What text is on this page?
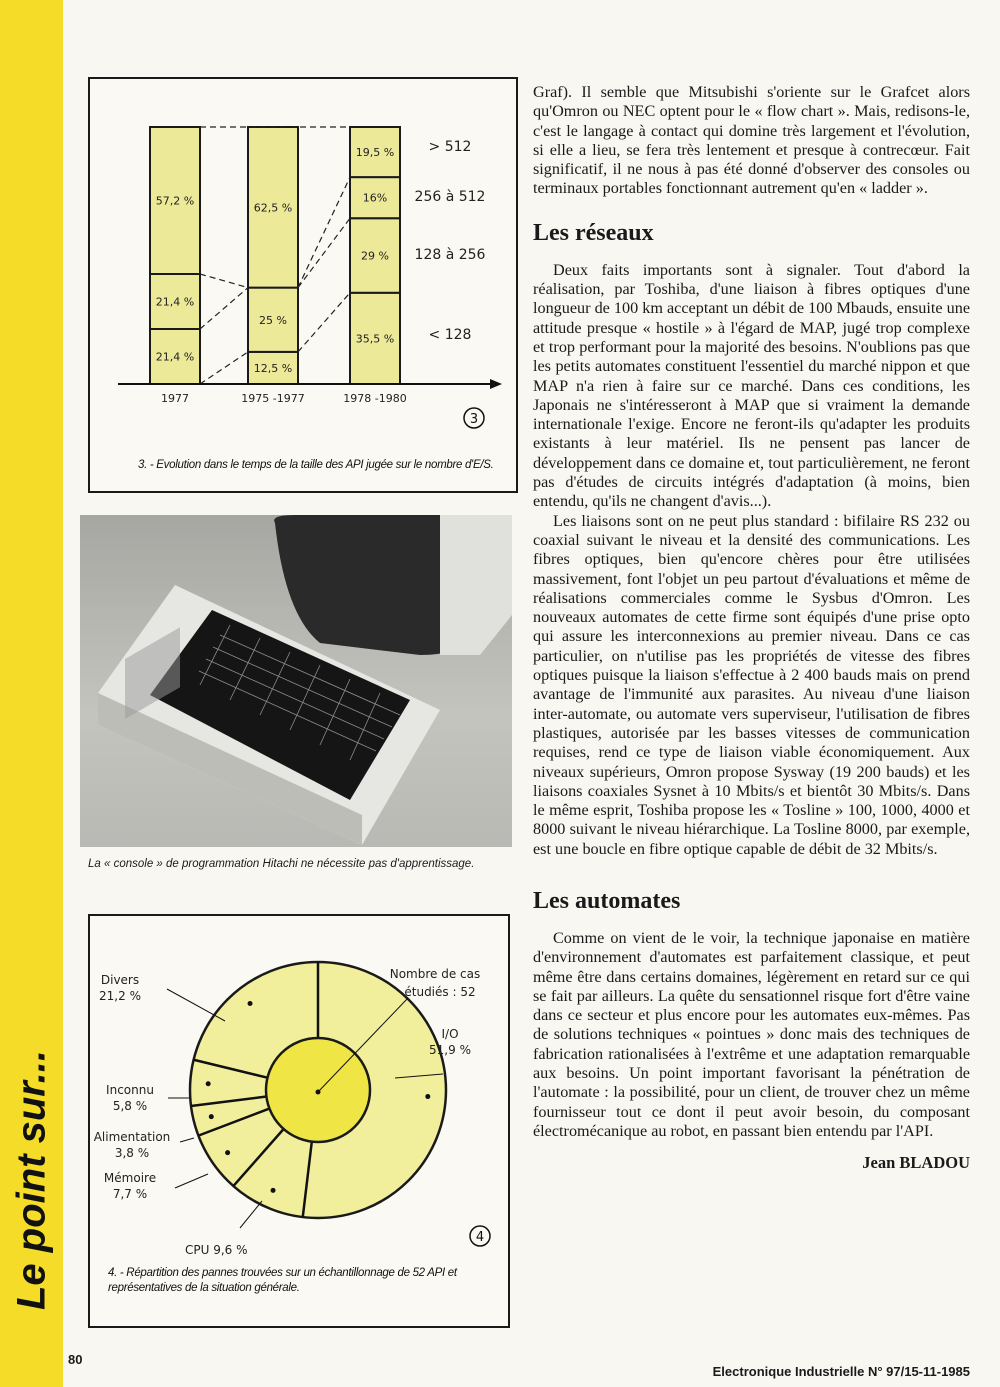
Le point sur...
21,4 %
21,4 %
57,2 %
1977
12,5 %
25 %
62,5 %
1975 -1977
35,5 %
29 %
16%
19,5 %
1978 -1980
> 512
256 à 512
128 à 256
< 128
3
3. - Evolution dans le temps de la taille des API jugée sur le nombre d'E/S.
La « console » de programmation Hitachi ne nécessite pas d'apprentissage.
I/O
51,9 %
CPU 9,6 %
Mémoire
7,7 %
Alimentation
3,8 %
Inconnu
5,8 %
Divers
21,2 %
Nombre de cas
étudiés : 52
4
4. - Répartition des pannes trouvées sur un échantillonnage de 52 API et représentatives de la situation générale.

Graf). Il semble que Mitsubishi s'oriente sur le Grafcet alors qu'Omron ou NEC optent pour le « flow chart ». Mais, redisons-le, c'est le langage à contact qui domine très largement et l'évolution, si elle a lieu, se fera très lentement et presque à contrecœur. Fait significatif, il ne nous à pas été donné d'observer des consoles ou terminaux portables fonctionnant autrement qu'en « ladder ».

Les réseaux

Deux faits importants sont à signaler. Tout d'abord la réalisation, par Toshiba, d'une liaison à fibres optiques d'une longueur de 100 km acceptant un débit de 100 Mbauds, ensuite une attitude presque « hostile » à l'égard de MAP, jugé trop complexe et trop performant pour la majorité des besoins. N'oublions pas que les petits automates constituent l'essentiel du marché nippon et que MAP n'a rien à faire sur ce marché. Dans ces conditions, les Japonais ne s'intéresseront à MAP que si vraiment la demande internationale l'exige. Encore ne feront-ils qu'adapter les produits existants à leur matériel. Ils ne pensent pas lancer de développement dans ce domaine et, tout particulièrement, ne feront pas d'études de circuits intégrés d'adaptation (à moins, bien entendu, qu'ils ne changent d'avis...).

Les liaisons sont on ne peut plus standard : bifilaire RS 232 ou coaxial suivant le niveau et la densité des communications. Les fibres optiques, bien qu'encore chères pour être utilisées massivement, font l'objet un peu partout d'évaluations et même de réalisations commerciales comme le Sysbus d'Omron. Les nouveaux automates de cette firme sont équipés d'une prise opto qui assure les interconnexions au premier niveau. Dans ce cas particulier, on n'utilise pas les propriétés de vitesse des fibres optiques puisque la liaison s'effectue à 2 400 bauds mais on prend avantage de l'immunité aux parasites. Au niveau d'une liaison inter-automate, ou automate vers superviseur, l'utilisation de fibres plastiques, autorisée par les basses vitesses de communication requises, rend ce type de liaison viable économiquement. Aux niveaux supérieurs, Omron propose Sysway (19 200 bauds) et les liaisons coaxiales Sysnet à 10 Mbits/s et bientôt 30 Mbits/s. Dans le même esprit, Toshiba propose les « Tosline » 100, 1000, 4000 et 8000 suivant le niveau hiérarchique. La Tosline 8000, par exemple, est une boucle en fibre optique capable de débit de 32 Mbits/s.

Les automates

Comme on vient de le voir, la technique japonaise en matière d'environnement d'automates est parfaitement classique, et peut même être dans certains domaines, légèrement en retard sur ce qui se fait par ailleurs. La quête du sensationnel risque fort d'être vaine dans ce secteur et plus encore pour les automates eux-mêmes. Pas de solutions techniques « pointues » donc mais des techniques de fabrication rationalisées à l'extrême et une adaptation remarquable aux besoins. Un point important favorisant la pénétration de l'automate : la possibilité, pour un client, de trouver chez un même fournisseur tout ce dont il peut avoir besoin, du composant électromécanique au robot, en passant bien entendu par l'API.

Jean BLADOU
80
Electronique Industrielle N° 97/15-11-1985
